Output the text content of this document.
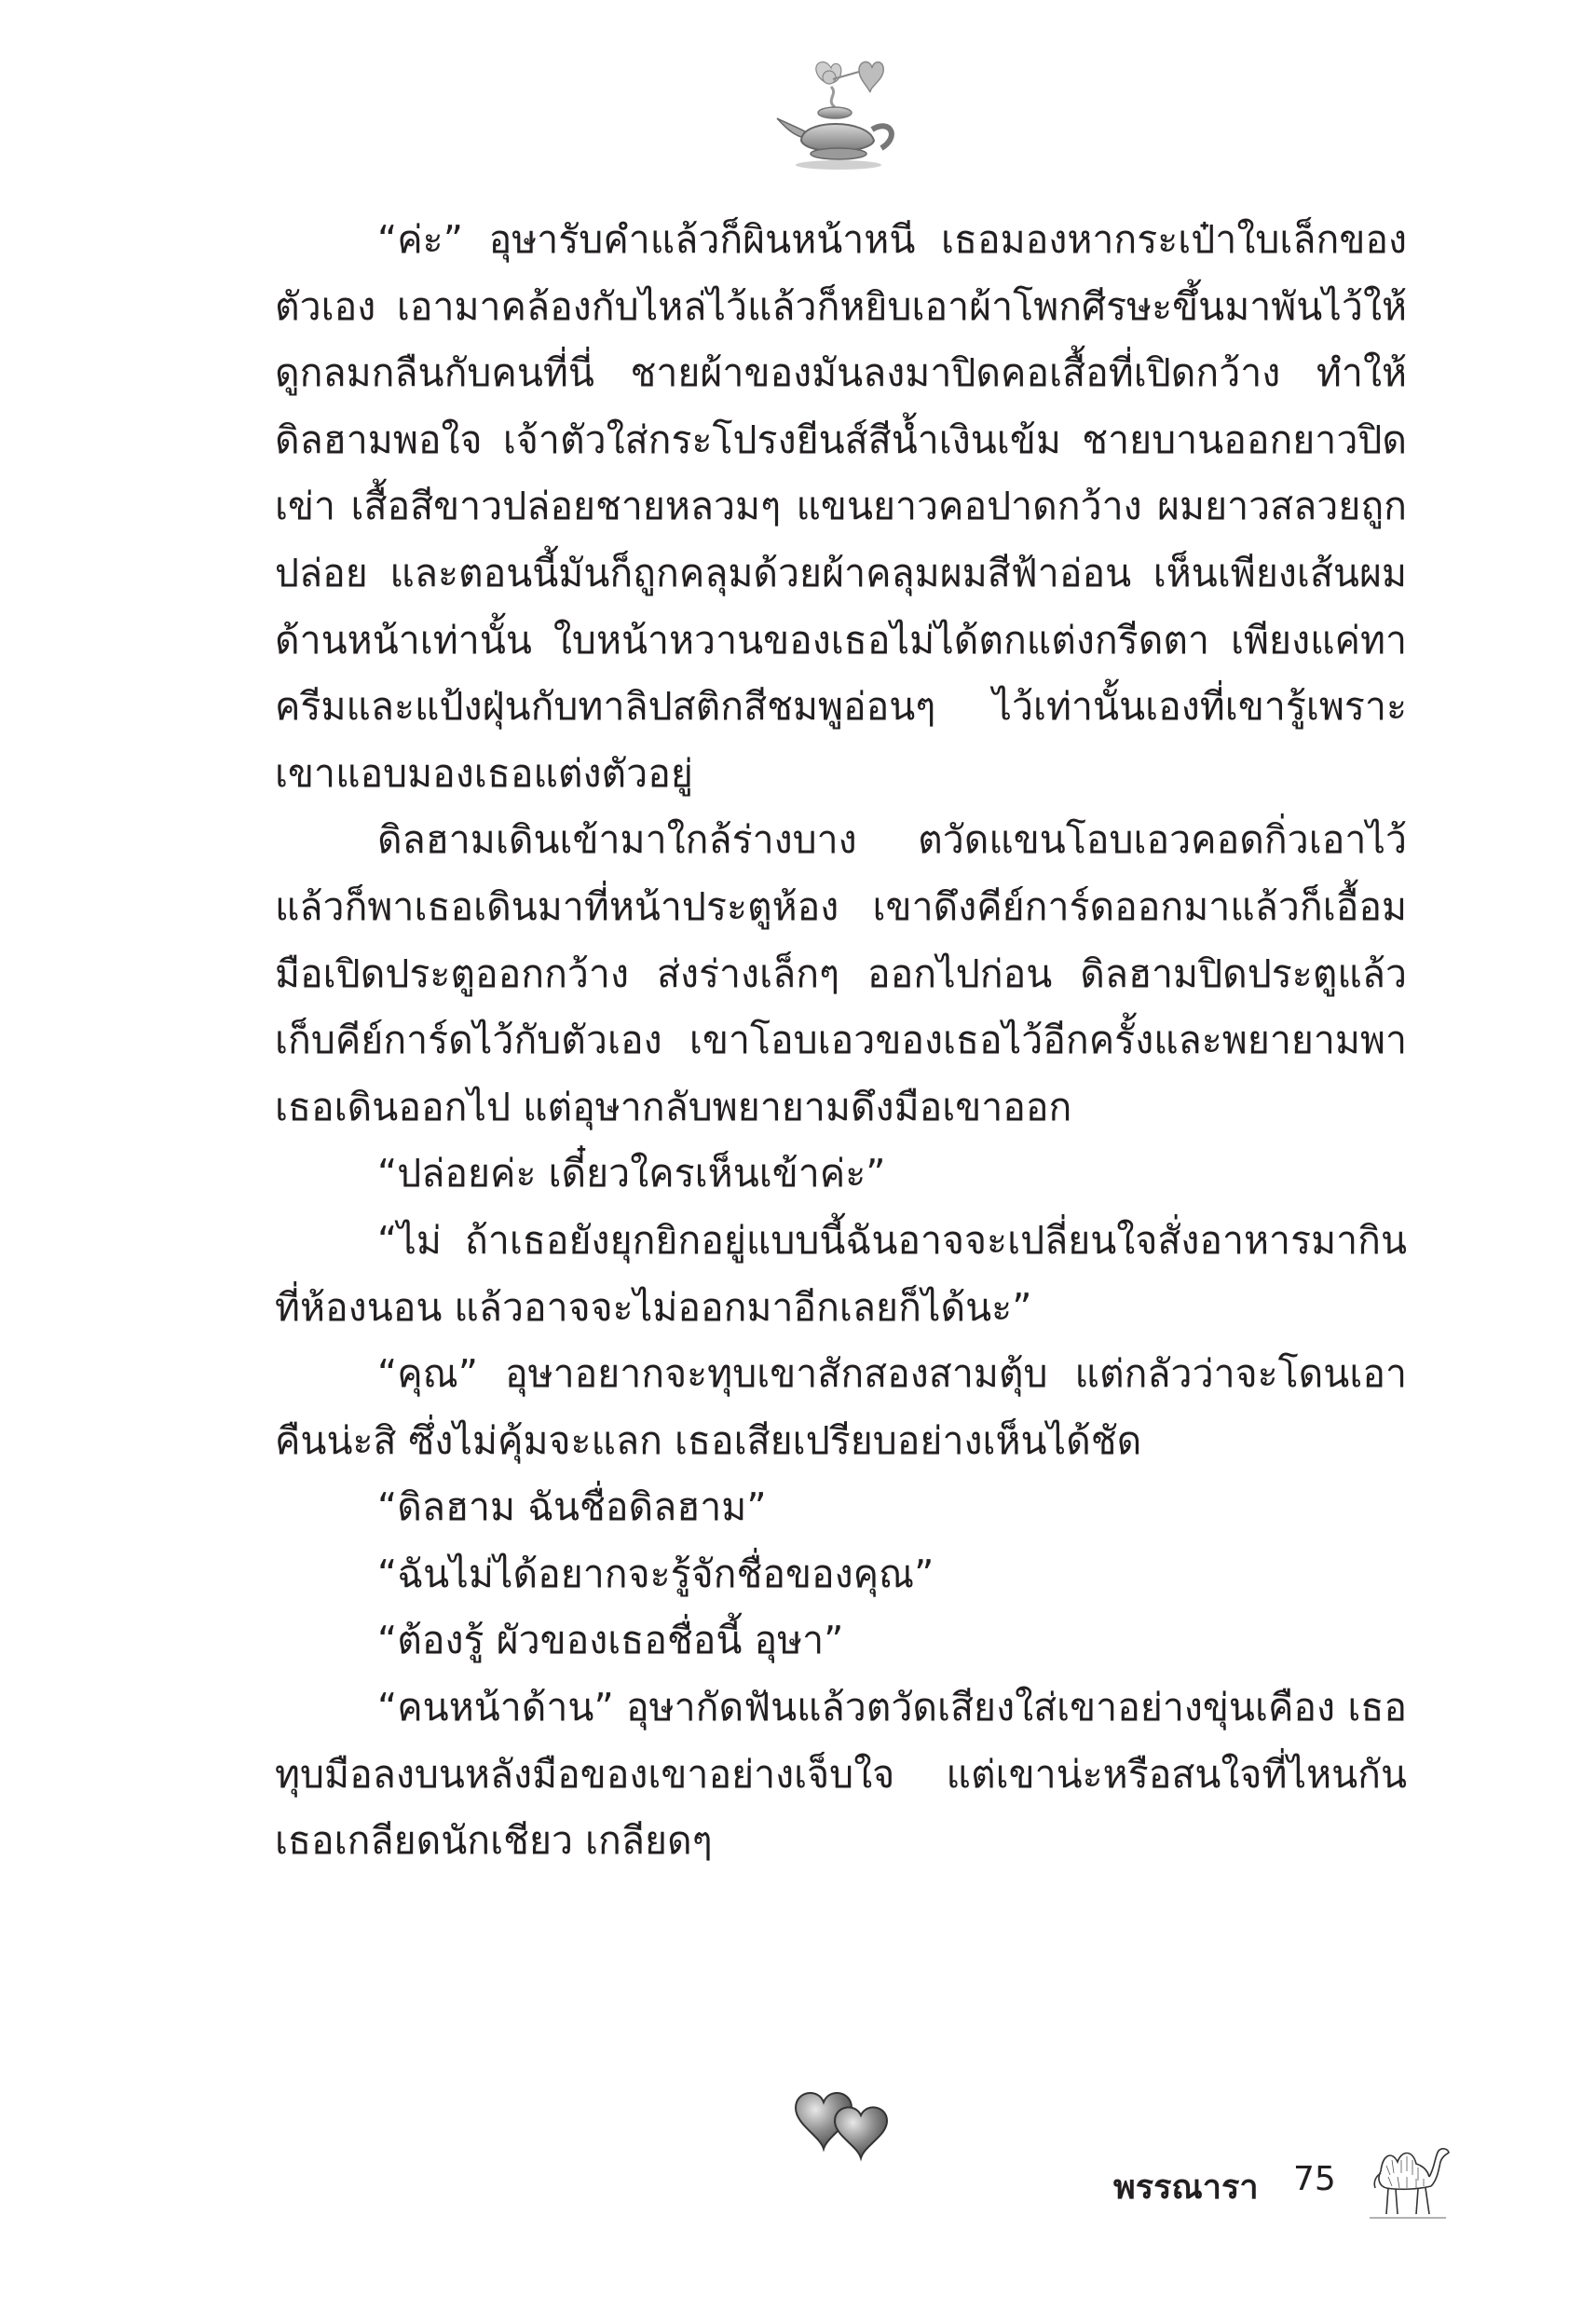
“ค่ะ” อุษารับคำแล้วก็ผินหน้าหนี เธอมองหากระเป๋าใบเล็กของตัวเอง เอามาคล้องกับไหล่ไว้แล้วก็หยิบเอาผ้าโพกศีรษะขึ้นมาพันไว้ให้ดูกลมกลืนกับคนที่นี่ ชายผ้าของมันลงมาปิดคอเสื้อที่เปิดกว้าง ทำให้ดิลฮามพอใจ เจ้าตัวใส่กระโปรงยีนส์สีน้ำเงินเข้ม ชายบานออกยาวปิดเข่า เสื้อสีขาวปล่อยชายหลวมๆ แขนยาวคอปาดกว้าง ผมยาวสลวยถูกปล่อย และตอนนี้มันก็ถูกคลุมด้วยผ้าคลุมผมสีฟ้าอ่อน เห็นเพียงเส้นผมด้านหน้าเท่านั้น ใบหน้าหวานของเธอไม่ได้ตกแต่งกรีดตา เพียงแค่ทาครีมและแป้งฝุ่นกับทาลิปสติกสีชมพูอ่อนๆ ไว้เท่านั้นเองที่เขารู้เพราะเขาแอบมองเธอแต่งตัวอยู่

ดิลฮามเดินเข้ามาใกล้ร่างบาง ตวัดแขนโอบเอวคอดกิ่วเอาไว้ แล้วก็พาเธอเดินมาที่หน้าประตูห้อง เขาดึงคีย์การ์ดออกมาแล้วก็เอื้อมมือเปิดประตูออกกว้าง ส่งร่างเล็กๆ ออกไปก่อน ดิลฮามปิดประตูแล้วเก็บคีย์การ์ดไว้กับตัวเอง เขาโอบเอวของเธอไว้อีกครั้งและพยายามพาเธอเดินออกไป แต่อุษากลับพยายามดึงมือเขาออก

“ปล่อยค่ะ เดี๋ยวใครเห็นเข้าค่ะ”

“ไม่ ถ้าเธอยังยุกยิกอยู่แบบนี้ฉันอาจจะเปลี่ยนใจสั่งอาหารมากินที่ห้องนอน แล้วอาจจะไม่ออกมาอีกเลยก็ได้นะ”

“คุณ” อุษาอยากจะทุบเขาสักสองสามตุ้บ แต่กลัวว่าจะโดนเอาคืนน่ะสิ ซึ่งไม่คุ้มจะแลก เธอเสียเปรียบอย่างเห็นได้ชัด

“ดิลฮาม ฉันชื่อดิลฮาม”

“ฉันไม่ได้อยากจะรู้จักชื่อของคุณ”

“ต้องรู้ ผัวของเธอชื่อนี้ อุษา”

“คนหน้าด้าน” อุษากัดฟันแล้วตวัดเสียงใส่เขาอย่างขุ่นเคือง เธอทุบมือลงบนหลังมือของเขาอย่างเจ็บใจ แต่เขาน่ะหรือสนใจที่ไหนกัน เธอเกลียดนักเชียว เกลียดๆ

พรรณารา 75
